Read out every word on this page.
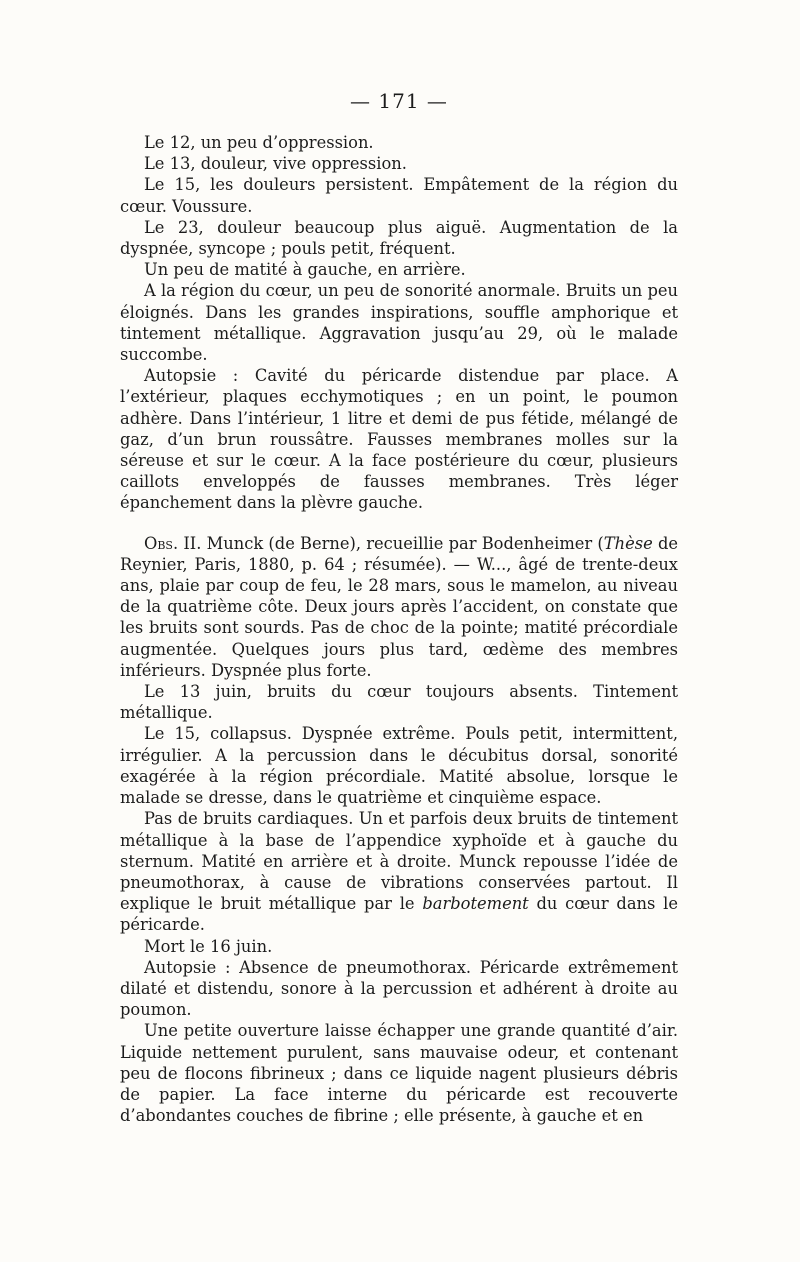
— 171 —

Le 12, un peu d’oppression.

Le 13, douleur, vive oppression.

Le 15, les douleurs persistent. Empâtement de la région du cœur. Voussure.

Le 23, douleur beaucoup plus aiguë. Augmentation de la dyspnée, syncope ; pouls petit, fréquent.

Un peu de matité à gauche, en arrière.

A la région du cœur, un peu de sonorité anormale. Bruits un peu éloignés. Dans les grandes inspirations, souffle amphorique et tintement métallique. Aggravation jusqu’au 29, où le malade succombe.

Autopsie : Cavité du péricarde distendue par place. A l’extérieur, plaques ecchymotiques ; en un point, le poumon adhère. Dans l’intérieur, 1 litre et demi de pus fétide, mélangé de gaz, d’un brun roussâtre. Fausses membranes molles sur la séreuse et sur le cœur. A la face postérieure du cœur, plusieurs caillots enveloppés de fausses membranes. Très léger épanchement dans la plèvre gauche.

Obs. II. Munck (de Berne), recueillie par Bodenheimer (Thèse de Reynier, Paris, 1880, p. 64 ; résumée). — W..., âgé de trente-deux ans, plaie par coup de feu, le 28 mars, sous le mamelon, au niveau de la quatrième côte. Deux jours après l’accident, on constate que les bruits sont sourds. Pas de choc de la pointe; matité précordiale augmentée. Quelques jours plus tard, œdème des membres inférieurs. Dyspnée plus forte.

Le 13 juin, bruits du cœur toujours absents. Tintement métallique.

Le 15, collapsus. Dyspnée extrême. Pouls petit, intermittent, irrégulier. A la percussion dans le décubitus dorsal, sonorité exagérée à la région précordiale. Matité absolue, lorsque le malade se dresse, dans le quatrième et cinquième espace.

Pas de bruits cardiaques. Un et parfois deux bruits de tintement métallique à la base de l’appendice xyphoïde et à gauche du sternum. Matité en arrière et à droite. Munck repousse l’idée de pneumothorax, à cause de vibrations conservées partout. Il explique le bruit métallique par le barbotement du cœur dans le péricarde.

Mort le 16 juin.

Autopsie : Absence de pneumothorax. Péricarde extrêmement dilaté et distendu, sonore à la percussion et adhérent à droite au poumon.

Une petite ouverture laisse échapper une grande quantité d’air. Liquide nettement purulent, sans mauvaise odeur, et contenant peu de flocons fibrineux ; dans ce liquide nagent plusieurs débris de papier. La face interne du péricarde est recouverte d’abondantes couches de fibrine ; elle présente, à gauche et en
